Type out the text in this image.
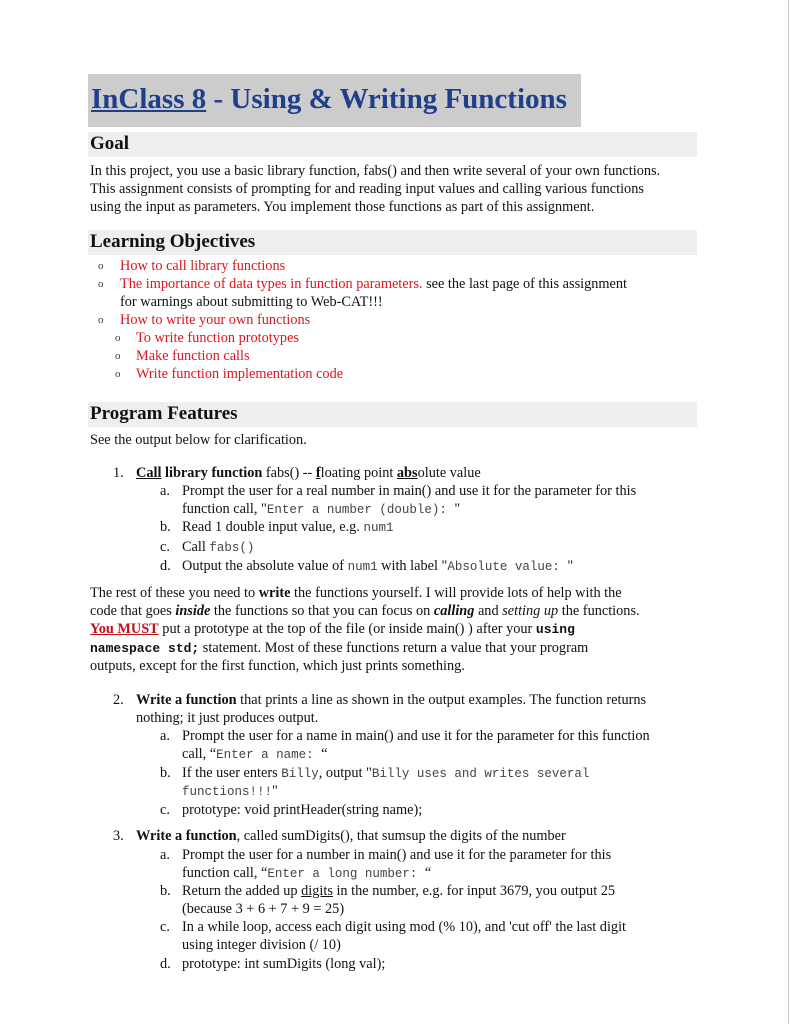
InClass 8 - Using & Writing Functions
Goal
In this project, you use a basic library function, fabs() and then write several of your own functions.
This assignment consists of prompting for and reading input values and calling various functions
using the input as parameters. You implement those functions as part of this assignment.
Learning Objectives
o How to call library functions
o The importance of data types in function parameters. see the last page of this assignment
for warnings about submitting to Web-CAT!!!
o How to write your own functions
o To write function prototypes
o Make function calls
o Write function implementation code
Program Features
See the output below for clarification.
1. Call library function fabs() -- floating point absolute value
a. Prompt the user for a real number in main() and use it for the parameter for this
function call, "Enter a number (double): "
b. Read 1 double input value, e.g. num1
c. Call fabs()
d. Output the absolute value of num1 with label "Absolute value: "
The rest of these you need to write the functions yourself. I will provide lots of help with the
code that goes inside the functions so that you can focus on calling and setting up the functions.
You MUST put a prototype at the top of the file (or inside main() ) after your using
namespace std; statement. Most of these functions return a value that your program
outputs, except for the first function, which just prints something.
2. Write a function that prints a line as shown in the output examples. The function returns
nothing; it just produces output.
a. Prompt the user for a name in main() and use it for the parameter for this function
call, “Enter a name: “
b. If the user enters Billy, output "Billy uses and writes several
functions!!!"
c. prototype: void printHeader(string name);
3. Write a function, called sumDigits(), that sumsup the digits of the number
a. Prompt the user for a number in main() and use it for the parameter for this
function call, “Enter a long number: “
b. Return the added up digits in the number, e.g. for input 3679, you output 25
(because 3 + 6 + 7 + 9 = 25)
c. In a while loop, access each digit using mod (% 10), and 'cut off' the last digit
using integer division (/ 10)
d. prototype: int sumDigits (long val);
